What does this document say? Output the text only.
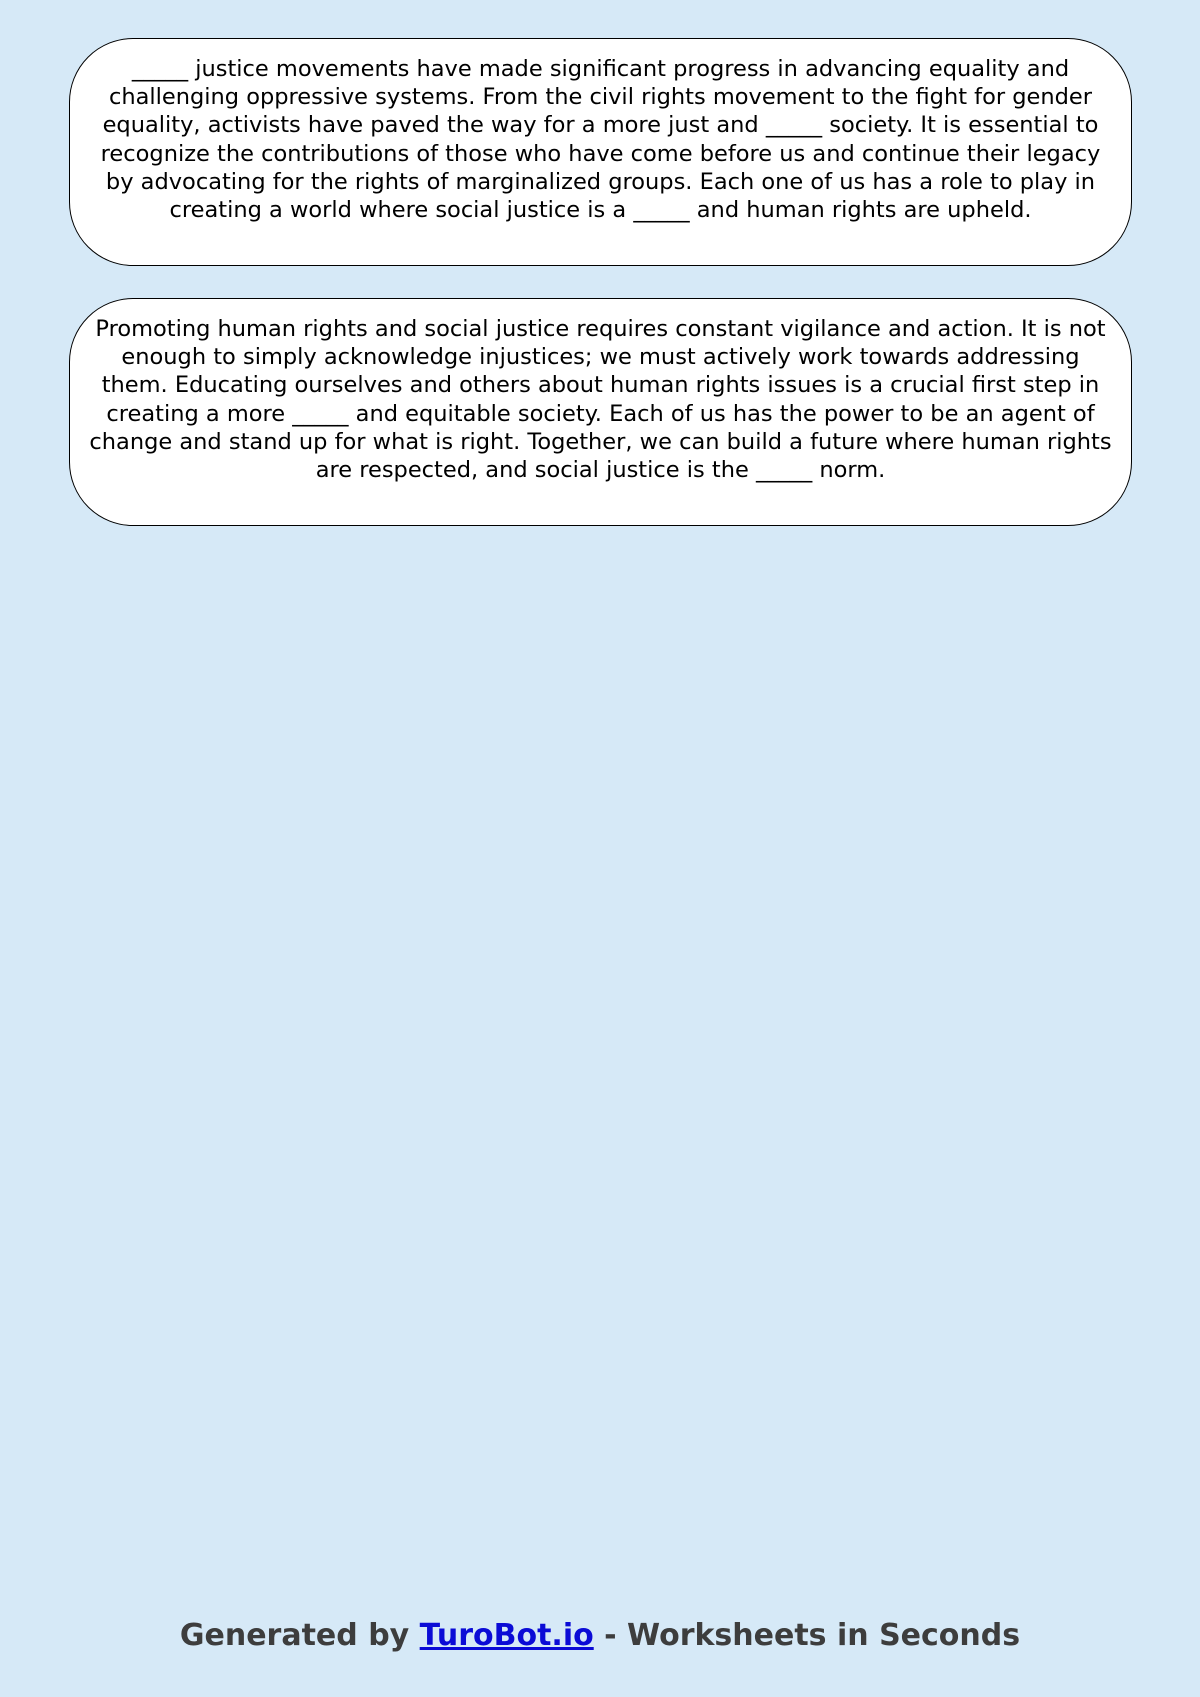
_____ justice movements have made significant progress in advancing equality and challenging oppressive systems. From the civil rights movement to the fight for gender equality, activists have paved the way for a more just and _____ society. It is essential to recognize the contributions of those who have come before us and continue their legacy by advocating for the rights of marginalized groups. Each one of us has a role to play in creating a world where social justice is a _____ and human rights are upheld.
Promoting human rights and social justice requires constant vigilance and action. It is not enough to simply acknowledge injustices; we must actively work towards addressing them. Educating ourselves and others about human rights issues is a crucial first step in creating a more _____ and equitable society. Each of us has the power to be an agent of change and stand up for what is right. Together, we can build a future where human rights are respected, and social justice is the _____ norm.
Generated by TuroBot.io - Worksheets in Seconds
